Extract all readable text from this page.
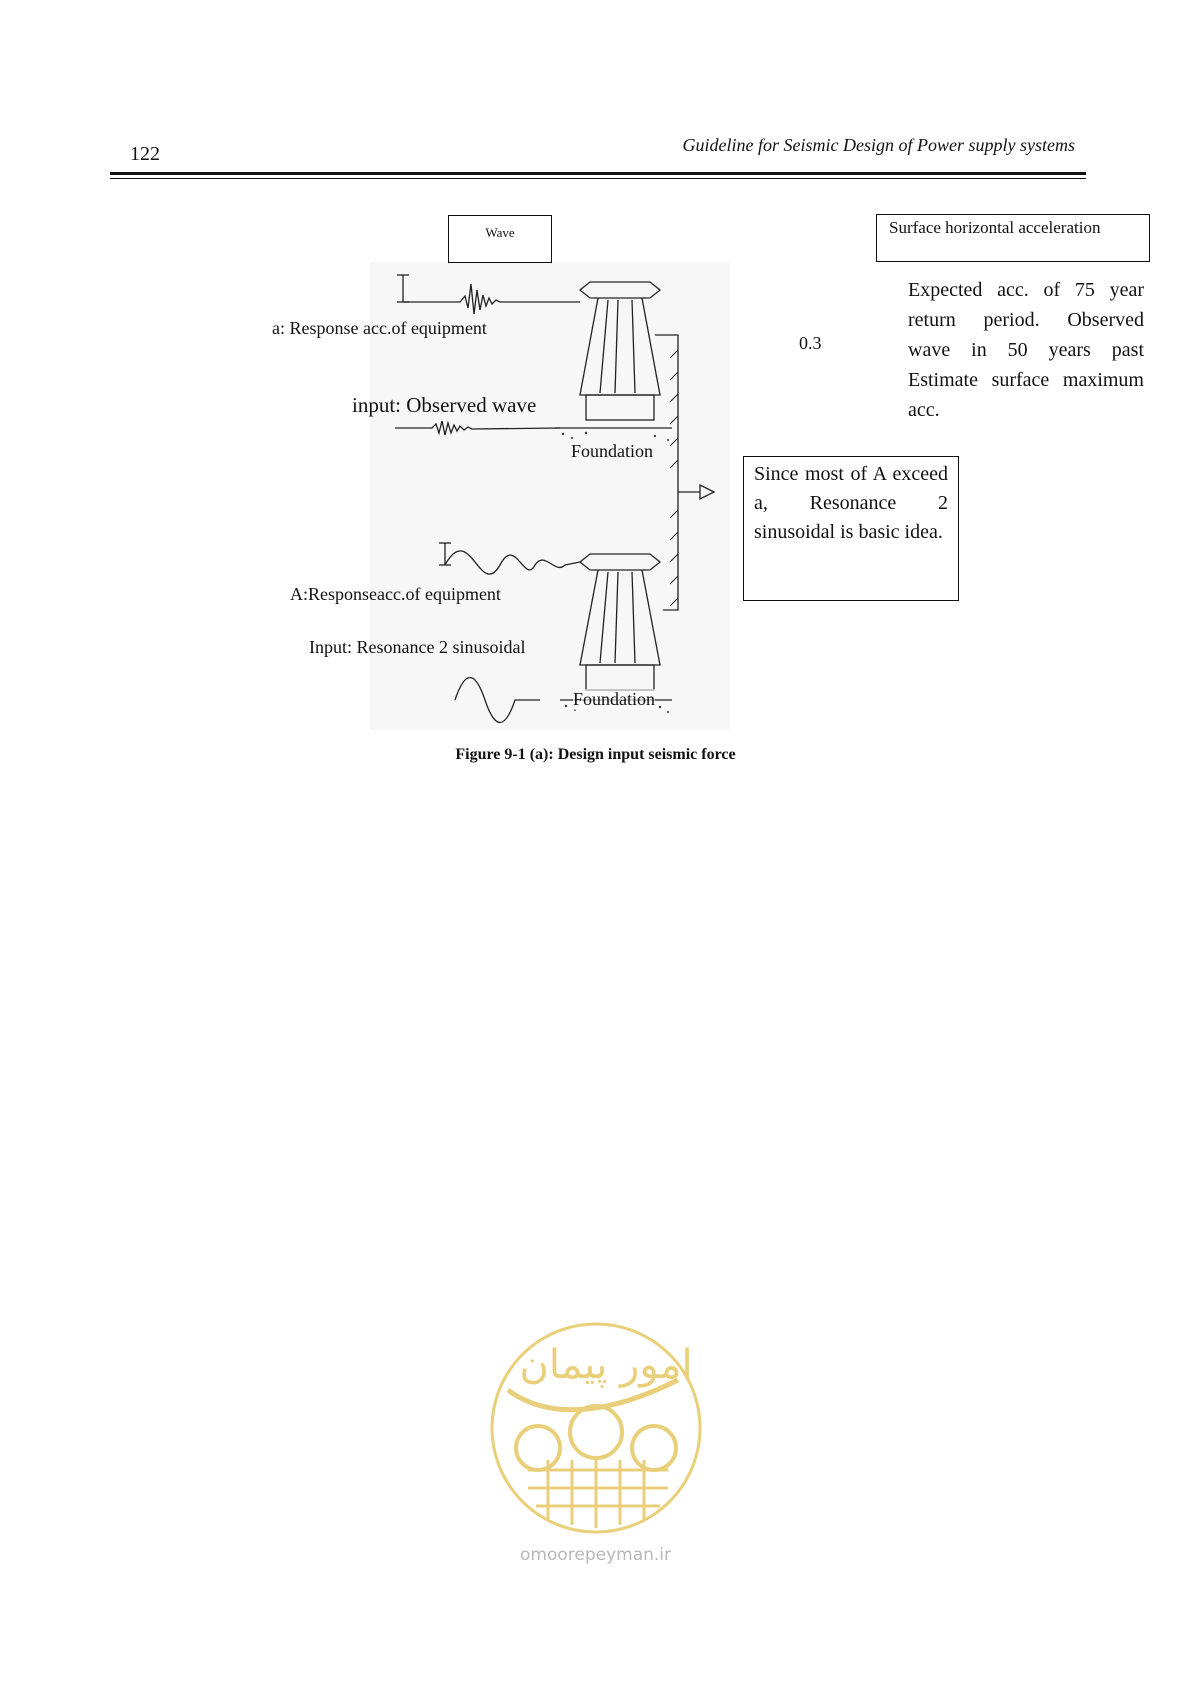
122	Guideline for Seismic Design of Power supply systems
Wave	Surface horizontal acceleration
Expected acc. of 75 year return period. Observed wave in 50 years past Estimate surface maximum acc.
0.3
Since most of A exceed a, Resonance 2 sinusoidal is basic idea.
a: Response acc.of equipment
input: Observed wave
Foundation
A:Responseacc.of equipment
Input: Resonance 2 sinusoidal
Foundation
Figure 9-1 (a): Design input seismic force
امور پیمان
omoorepeyman.ir
